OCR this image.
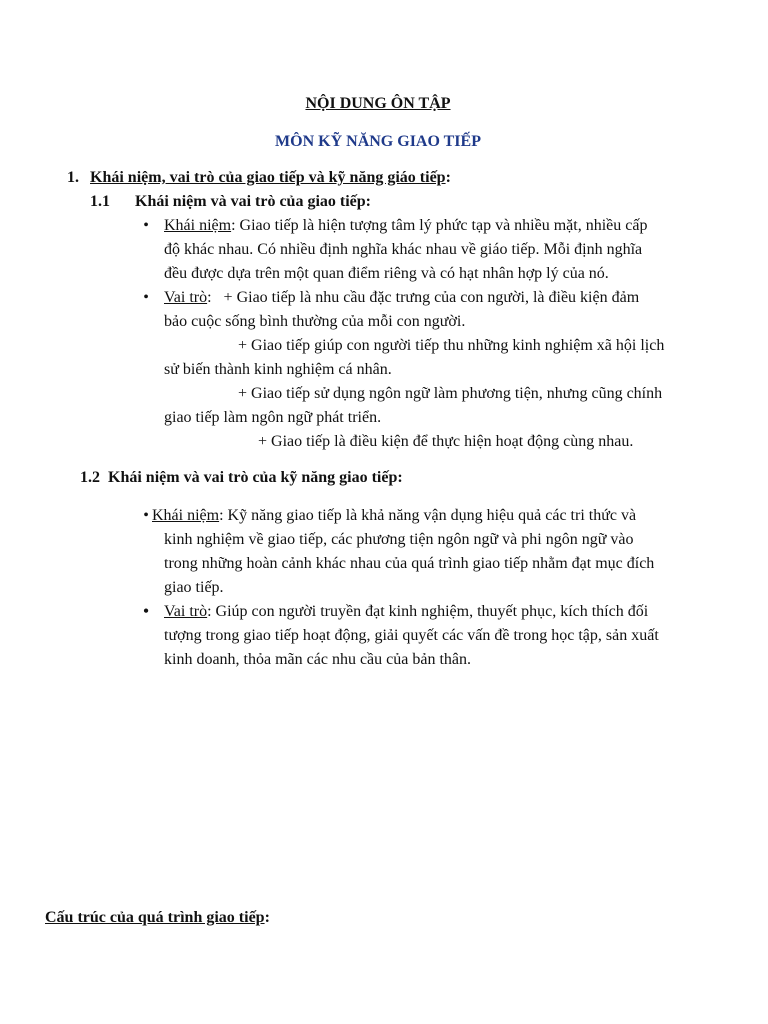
NỘI DUNG ÔN TẬP
MÔN KỸ NĂNG GIAO TIẾP
1. Khái niệm, vai trò của giao tiếp và kỹ năng giáo tiếp:
1.1 Khái niệm và vai trò của giao tiếp:
• Khái niệm: Giao tiếp là hiện tượng tâm lý phức tạp và nhiều mặt, nhiều cấp
độ khác nhau. Có nhiều định nghĩa khác nhau về giáo tiếp. Mỗi định nghĩa
đều được dựa trên một quan điểm riêng và có hạt nhân hợp lý của nó.
• Vai trò:   + Giao tiếp là nhu cầu đặc trưng của con người, là điều kiện đảm
bảo cuộc sống bình thường của mỗi con người.
+ Giao tiếp giúp con người tiếp thu những kinh nghiệm xã hội lịch
sử biến thành kinh nghiệm cá nhân.
+ Giao tiếp sử dụng ngôn ngữ làm phương tiện, nhưng cũng chính
giao tiếp làm ngôn ngữ phát triển.
+ Giao tiếp là điều kiện để thực hiện hoạt động cùng nhau.
1.2  Khái niệm và vai trò của kỹ năng giao tiếp:
• Khái niệm: Kỹ năng giao tiếp là khả năng vận dụng hiệu quả các tri thức và
kinh nghiệm về giao tiếp, các phương tiện ngôn ngữ và phi ngôn ngữ vào
trong những hoàn cảnh khác nhau của quá trình giao tiếp nhằm đạt mục đích
giao tiếp.
• Vai trò: Giúp con người truyền đạt kinh nghiệm, thuyết phục, kích thích đối
tượng trong giao tiếp hoạt động, giải quyết các vấn đề trong học tập, sản xuất
kinh doanh, thỏa mãn các nhu cầu của bản thân.
Cấu trúc của quá trình giao tiếp:
